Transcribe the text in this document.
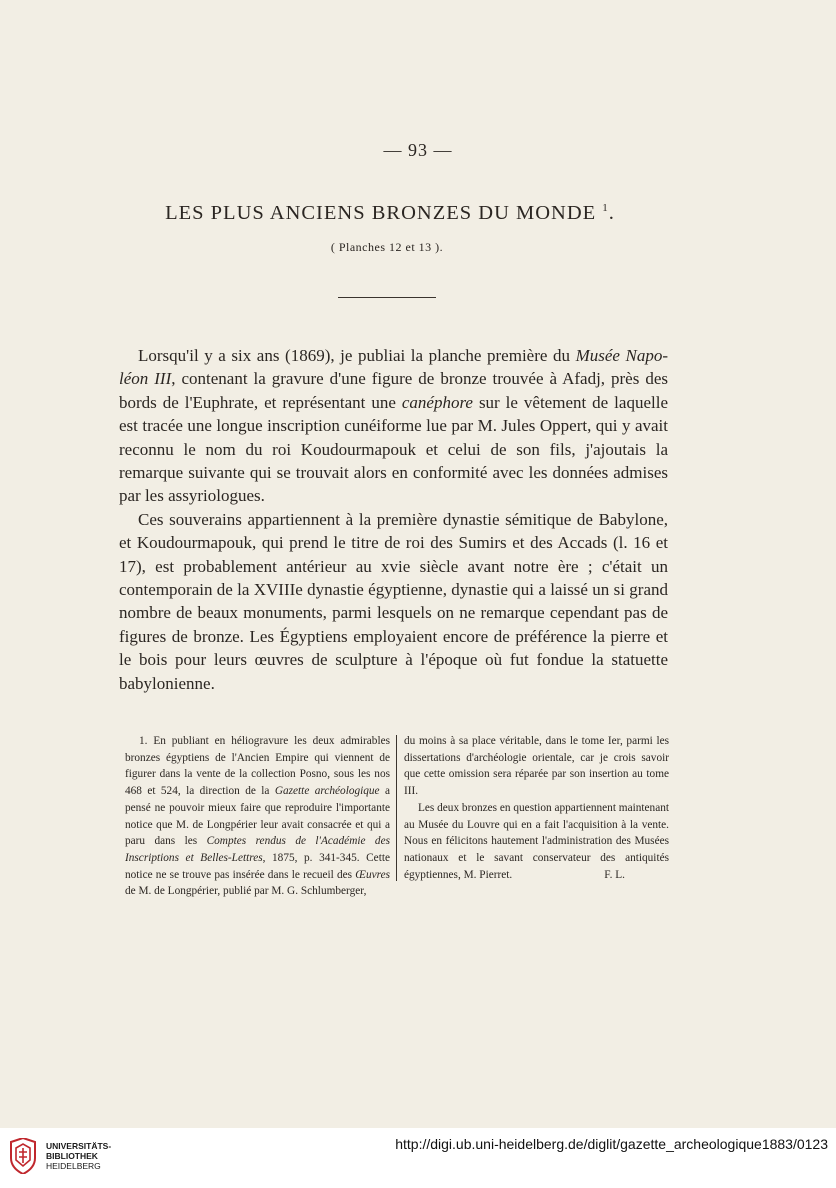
— 93 —
LES PLUS ANCIENS BRONZES DU MONDE $^1$.
( Planches 12 et 13 ).

Lorsqu'il y a six ans (1869), je publiai la planche première du Musée Napo-léon III, contenant la gravure d'une figure de bronze trouvée à Afadj, près des bords de l'Euphrate, et représentant une canéphore sur le vêtement de laquelle est tracée une longue inscription cunéiforme lue par M. Jules Oppert, qui y avait reconnu le nom du roi Koudourmapouk et celui de son fils, j'ajoutais la remarque suivante qui se trouvait alors en conformité avec les données admises par les assyriologues.

Ces souverains appartiennent à la première dynastie sémitique de Babylone, et Koudourmapouk, qui prend le titre de roi des Sumirs et des Accads (l. 16 et 17), est probablement antérieur au xvie siècle avant notre ère ; c'était un contemporain de la XVIIIe dynastie égyptienne, dynastie qui a laissé un si grand nombre de beaux monuments, parmi lesquels on ne remarque cependant pas de figures de bronze. Les Égyptiens employaient encore de préférence la pierre et le bois pour leurs œuvres de sculpture à l'époque où fut fondue la statuette babylonienne.

1. En publiant en héliogravure les deux admirables bronzes égyptiens de l'Ancien Empire qui viennent de figurer dans la vente de la collection Posno, sous les nos 468 et 524, la direction de la Gazette archéologique a pensé ne pouvoir mieux faire que reproduire l'importante notice que M. de Longpérier leur avait consacrée et qui a paru dans les Comptes rendus de l'Académie des Inscriptions et Belles-Lettres, 1875, p. 341-345. Cette notice ne se trouve pas insérée dans le recueil des Œuvres de M. de Longpérier, publié par M. G. Schlumberger,

du moins à sa place véritable, dans le tome Ier, parmi les dissertations d'archéologie orientale, car je crois savoir que cette omission sera réparée par son insertion au tome III.

Les deux bronzes en question appartiennent maintenant au Musée du Louvre qui en a fait l'acquisition à la vente. Nous en félicitons hautement l'administration des Musées nationaux et le savant conservateur des antiquités égyptiennes, M. Pierret.	F. L.
UNIVERSITÄTS-
BIBLIOTHEK
HEIDELBERG
http://digi.ub.uni-heidelberg.de/diglit/gazette_archeologique1883/0123
